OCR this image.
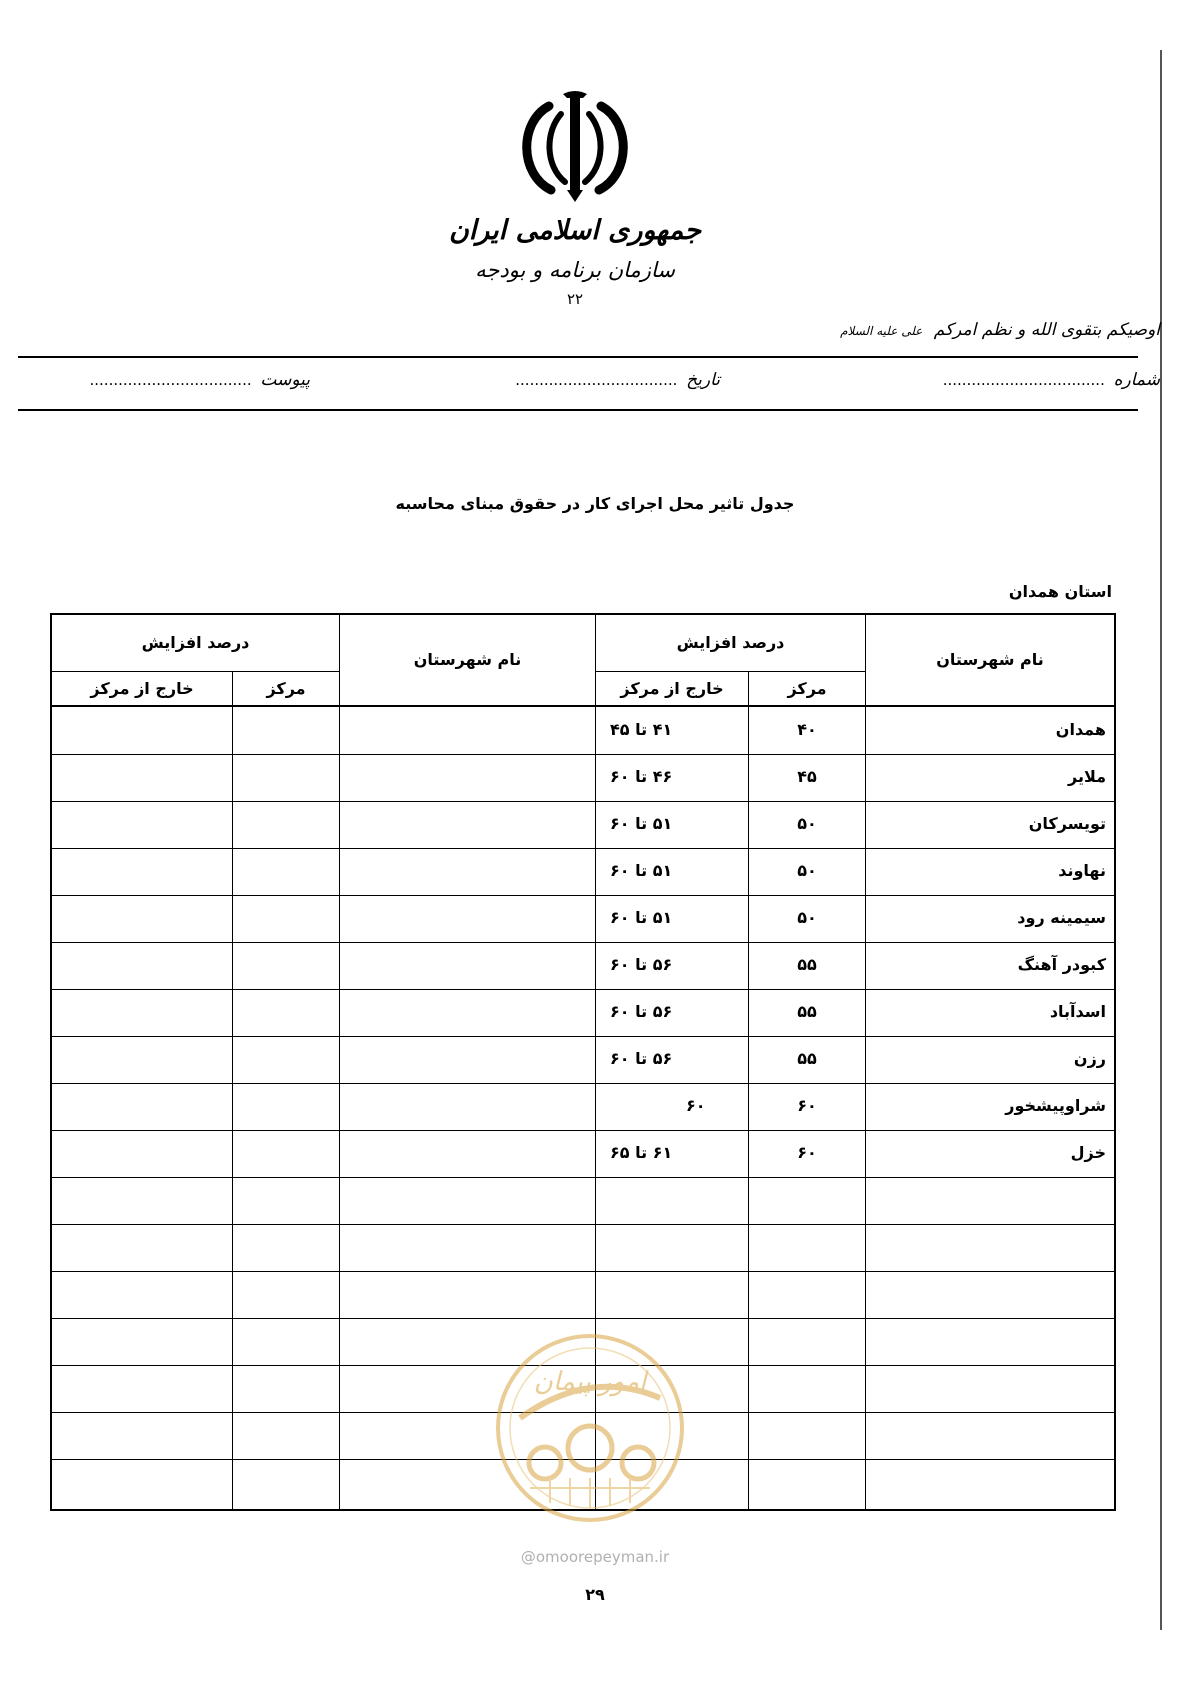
جمهوری اسلامی ایران
سازمان برنامه و بودجه
۲۲
اوصیکم بتقوی الله و نظم امرکم علی علیه السلام
شماره ..................................
تاریخ ..................................
پیوست ..................................
جدول تاثیر محل اجرای کار در حقوق مبنای محاسبه
استان همدان
نام شهرستان
درصد افزایش
مرکز
خارج از مرکز
نام شهرستان
درصد افزایش
مرکز
خارج از مرکز
همدان
۴۰
۴۱ تا ۴۵
ملایر
۴۵
۴۶ تا ۶۰
تویسرکان
۵۰
۵۱ تا ۶۰
نهاوند
۵۰
۵۱ تا ۶۰
سیمینه رود
۵۰
۵۱ تا ۶۰
کبودر آهنگ
۵۵
۵۶ تا ۶۰
اسدآباد
۵۵
۵۶ تا ۶۰
رزن
۵۵
۵۶ تا ۶۰
شراوپیشخور
۶۰
۶۰
خزل
۶۰
۶۱ تا ۶۵
امور پیمان
@omoorepeyman.ir
۲۹
